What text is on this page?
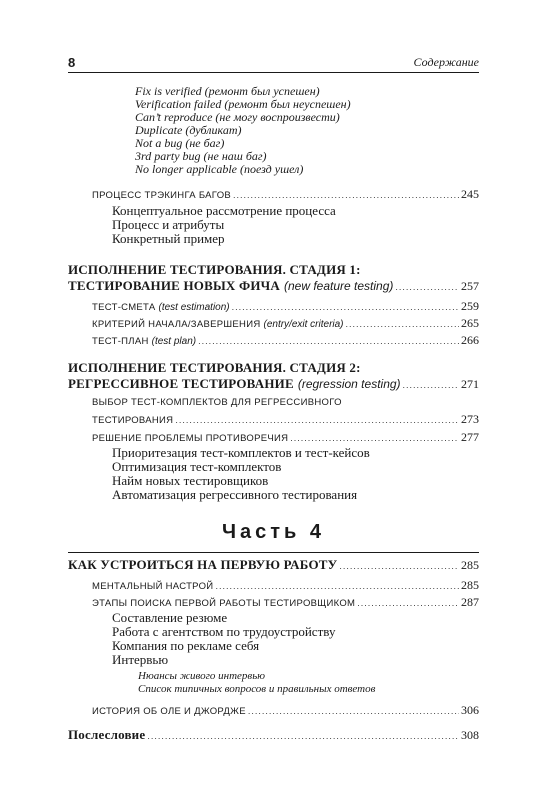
8	Содержание
Fix is verified (ремонт был успешен)
Verification failed (ремонт был неуспешен)
Can’t reproduce (не могу воспроизвести)
Duplicate (дубликат)
Not a bug (не баг)
3rd party bug (не наш баг)
No longer applicable (поезд ушел)
ПРОЦЕСС ТРЭКИНГА БАГОВ .....	245
Концептуальное рассмотрение процесса
Процесс и атрибуты
Конкретный пример
ИСПОЛНЕНИЕ ТЕСТИРОВАНИЯ. СТАДИЯ 1:
ТЕСТИРОВАНИЕ НОВЫХ ФИЧА (new feature testing) .....	257
ТЕСТ-СМЕТА (test estimation) .....	259
КРИТЕРИЙ НАЧАЛА/ЗАВЕРШЕНИЯ (entry/exit criteria) .....	265
ТЕСТ-ПЛАН (test plan) .....	266
ИСПОЛНЕНИЕ ТЕСТИРОВАНИЯ. СТАДИЯ 2:
РЕГРЕССИВНОЕ ТЕСТИРОВАНИЕ (regression testing) .....	271
ВЫБОР ТЕСТ-КОМПЛЕКТОВ ДЛЯ РЕГРЕССИВНОГО
ТЕСТИРОВАНИЯ .....	273
РЕШЕНИЕ ПРОБЛЕМЫ ПРОТИВОРЕЧИЯ .....	277
Приоритезация тест-комплектов и тест-кейсов
Оптимизация тест-комплектов
Найм новых тестировщиков
Автоматизация регрессивного тестирования
Часть 4
КАК УСТРОИТЬСЯ НА ПЕРВУЮ РАБОТУ .....	285
МЕНТАЛЬНЫЙ НАСТРОЙ .....	285
ЭТАПЫ ПОИСКА ПЕРВОЙ РАБОТЫ ТЕСТИРОВЩИКОМ .....	287
Составление резюме
Работа с агентством по трудоустройству
Компания по рекламе себя
Интервью
Нюансы живого интервью
Список типичных вопросов и правильных ответов
ИСТОРИЯ ОБ ОЛЕ И ДЖОРДЖЕ .....	306
Послесловие .....	308
